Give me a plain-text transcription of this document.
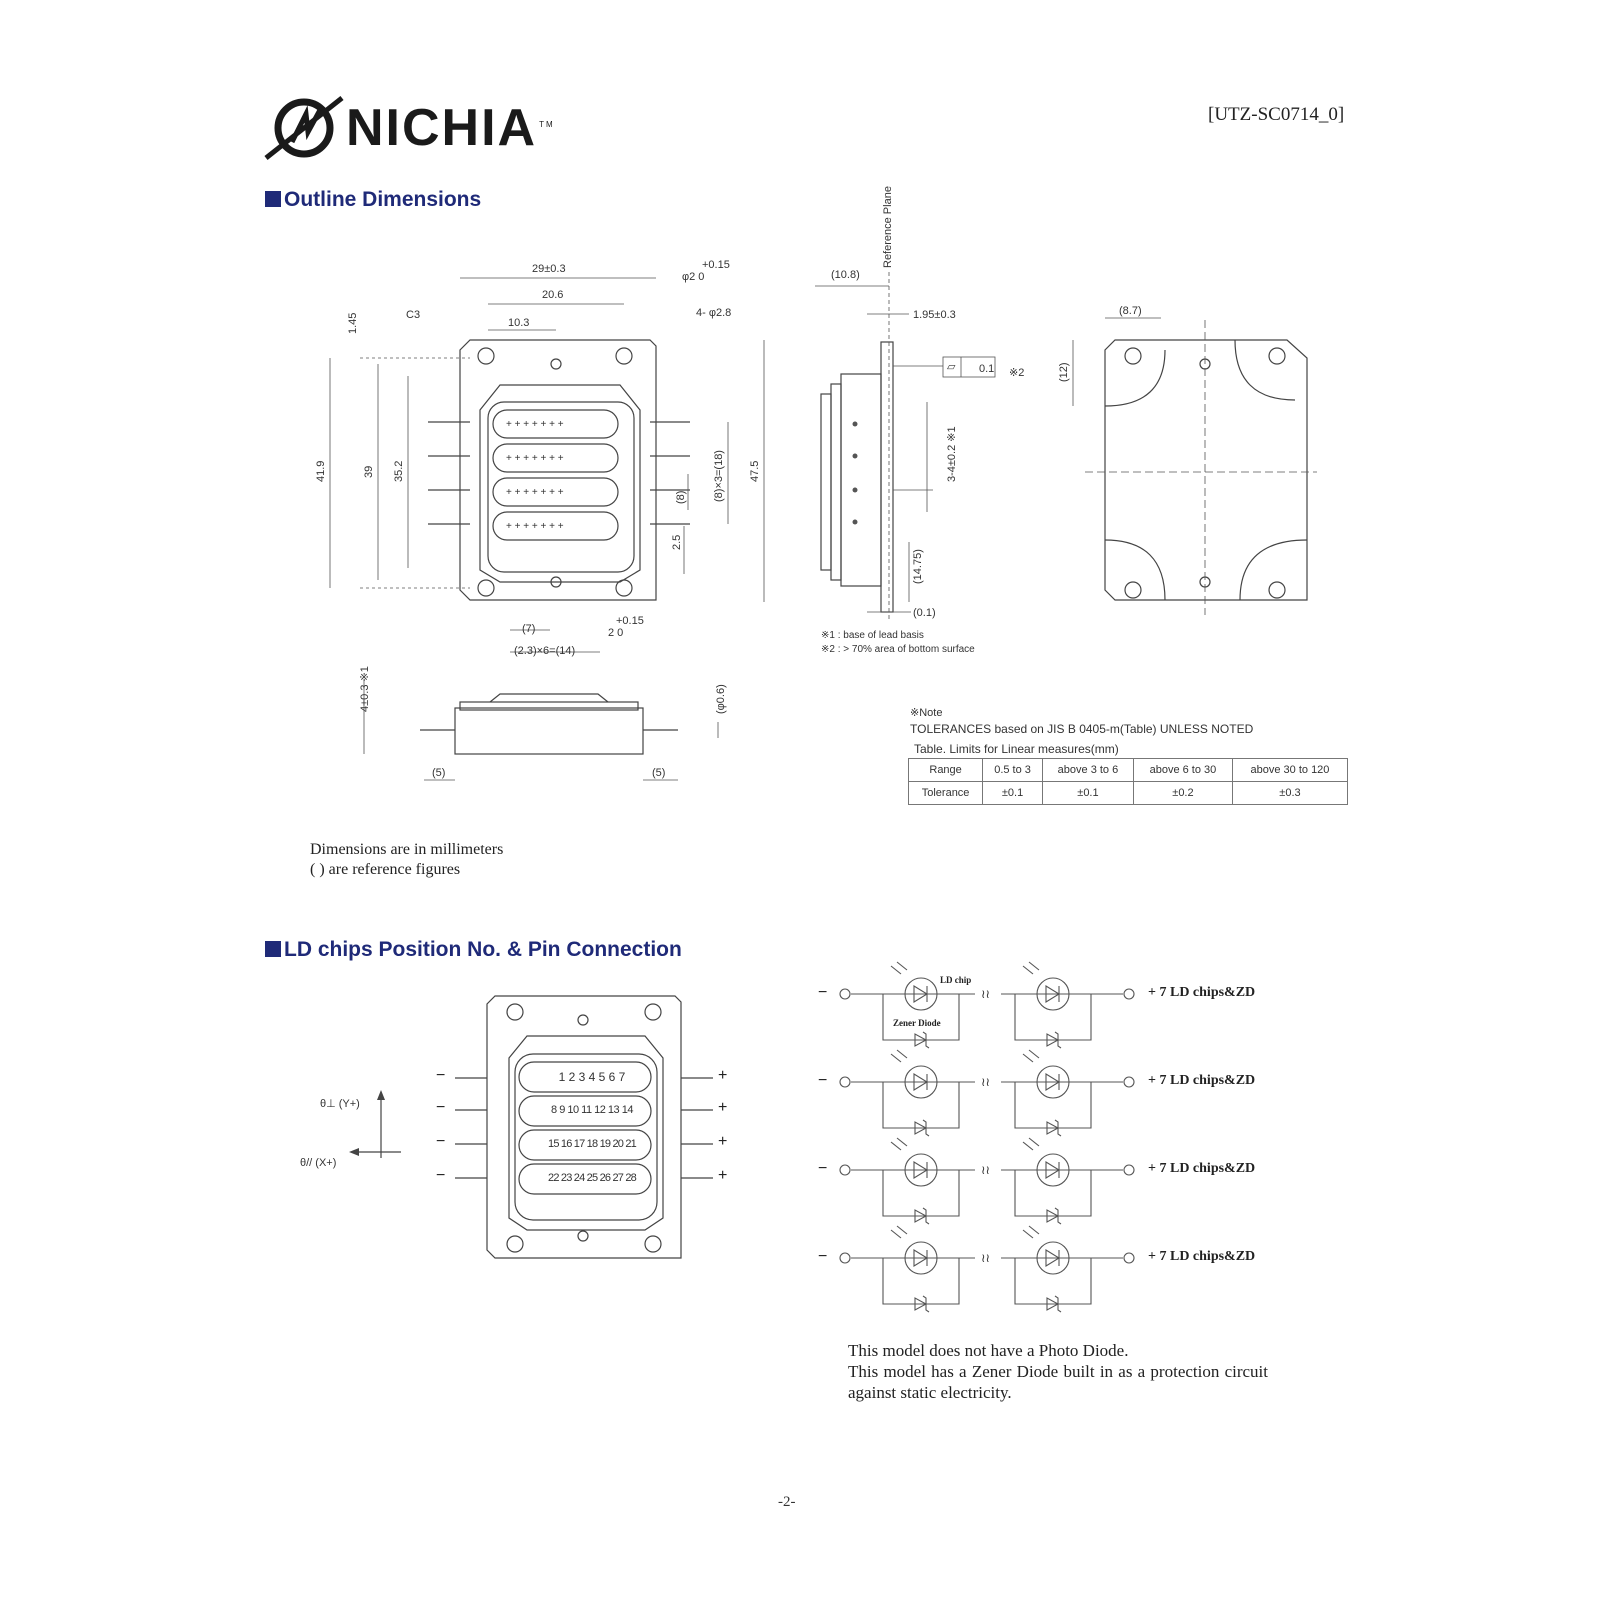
NICHIA ™	[UTZ-SC0714_0]
Outline Dimensions
29±0.3
20.6
10.3
C3
+0.15
φ2 0
4- φ2.8
1.45
41.9	39 35.2	47.5
(8)×3=(18)
(8)
2.5
(7)
+0.15
2 0
(2.3)×6=(14)
+ + + + + + +
+ + + + + + +
+ + + + + + +
+ + + + + + +
Reference Plane
(10.8)
1.95±0.3
0.1 ※2
▱
3-4±0.2 ※1
(14.75)
(0.1)
※1 : base of lead basis
※2 : > 70% area of bottom surface
(8.7)
(12)
4±0.3 ※1	(φ0.6)
(5)	(5)
※Note
TOLERANCES based on JIS B 0405-m(Table) UNLESS NOTED
Table. Limits for Linear measures(mm)
Range	0.5 to 3	above 3 to 6	above 6 to 30	above 30 to 120
Tolerance	±0.1	±0.1	±0.2	±0.3
Dimensions are in millimeters
( ) are reference figures
LD chips Position No. & Pin Connection
1 2 3 4 5 6 7
8 9 10 11 12 13 14
15 16 17 18 19 20 21
22 23 24 25 26 27 28
−
−
−
−
+
+
+
+
θ⊥ (Y+)
θ// (X+)
≀≀
≀≀
≀≀
≀≀
LD chip
Zener Diode
+ 7 LD chips&ZD
+ 7 LD chips&ZD
+ 7 LD chips&ZD
+ 7 LD chips&ZD
−
−
−
−
This model does not have a Photo Diode.
This model has a Zener Diode built in as a protection circuit against static electricity.
-2-
